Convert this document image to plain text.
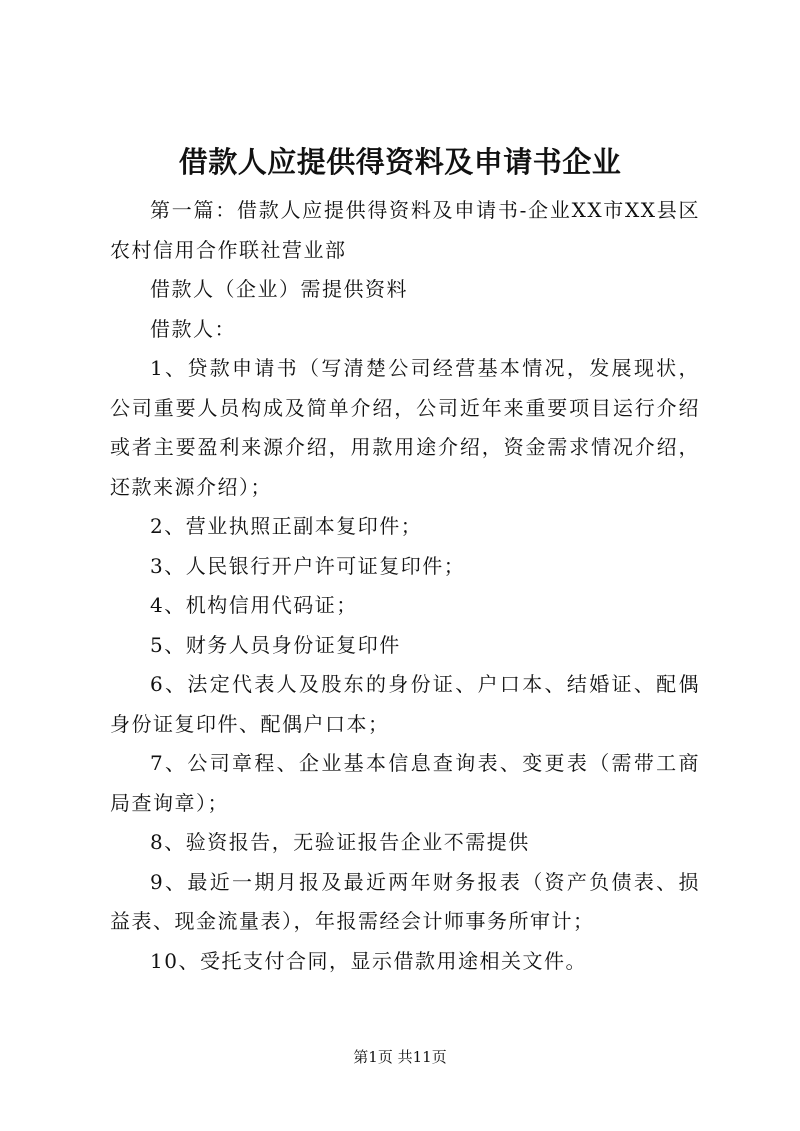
借款人应提供得资料及申请书企业

第一篇：借款人应提供得资料及申请书-企业XX市XX县区农村信用合作联社营业部

借款人（企业）需提供资料

借款人：

1、贷款申请书（写清楚公司经营基本情况，发展现状，公司重要人员构成及简单介绍，公司近年来重要项目运行介绍或者主要盈利来源介绍，用款用途介绍，资金需求情况介绍，还款来源介绍）；

2、营业执照正副本复印件；

3、人民银行开户许可证复印件；

4、机构信用代码证；

5、财务人员身份证复印件

6、法定代表人及股东的身份证、户口本、结婚证、配偶身份证复印件、配偶户口本；

7、公司章程、企业基本信息查询表、变更表（需带工商局查询章）；

8、验资报告，无验证报告企业不需提供

9、最近一期月报及最近两年财务报表（资产负债表、损益表、现金流量表），年报需经会计师事务所审计；

10、受托支付合同，显示借款用途相关文件。

第1页 共11页
